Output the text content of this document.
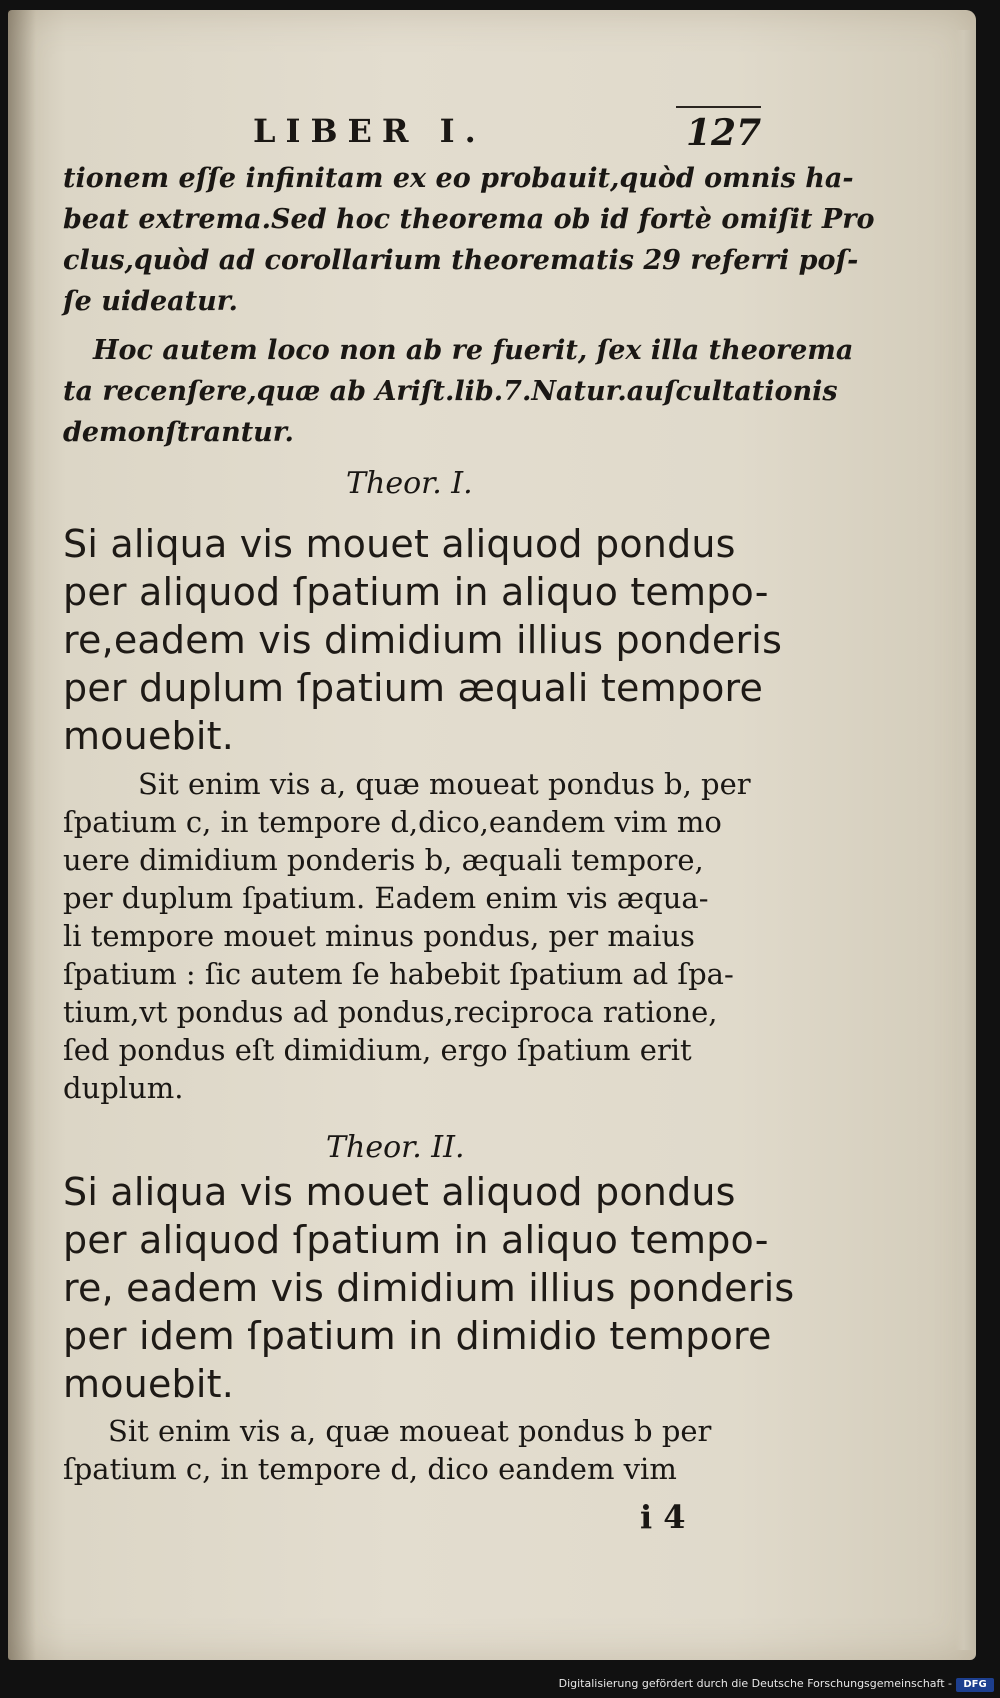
LIBER I.	127
tionem eſſe infinitam ex eo probauit,quòd omnis ha-
beat extrema.Sed hoc theorema ob id fortè omiſit Pro
clus,quòd ad corollarium theorematis 29 referri poſ-
ſe uideatur.
Hoc autem loco non ab re fuerit, ſex illa theorema
ta recenſere,quæ ab Ariſt.lib.7.Natur.auſcultationis
demonſtrantur.
Theor. I.
Si aliqua vis mouet aliquod pondus
per aliquod ſpatium in aliquo tempo-
re,eadem vis dimidium illius ponderis
per duplum ſpatium æquali tempore
mouebit.
Sit enim vis a, quæ moueat pondus b, per
ſpatium c, in tempore d,dico,eandem vim mo
uere dimidium ponderis b, æquali tempore,
per duplum ſpatium. Eadem enim vis æqua-
li tempore mouet minus pondus, per maius
ſpatium : ſic autem ſe habebit ſpatium ad ſpa-
tium,vt pondus ad pondus,reciproca ratione,
ſed pondus eſt dimidium, ergo ſpatium erit
duplum.
Theor. II.
Si aliqua vis mouet aliquod pondus
per aliquod ſpatium in aliquo tempo-
re, eadem vis dimidium illius ponderis
per idem ſpatium in dimidio tempore
mouebit.
Sit enim vis a, quæ moueat pondus b per
ſpatium c, in tempore d, dico eandem vim
i 4
Digitalisierung gefördert durch die Deutsche Forschungsgemeinschaft -	DFG
